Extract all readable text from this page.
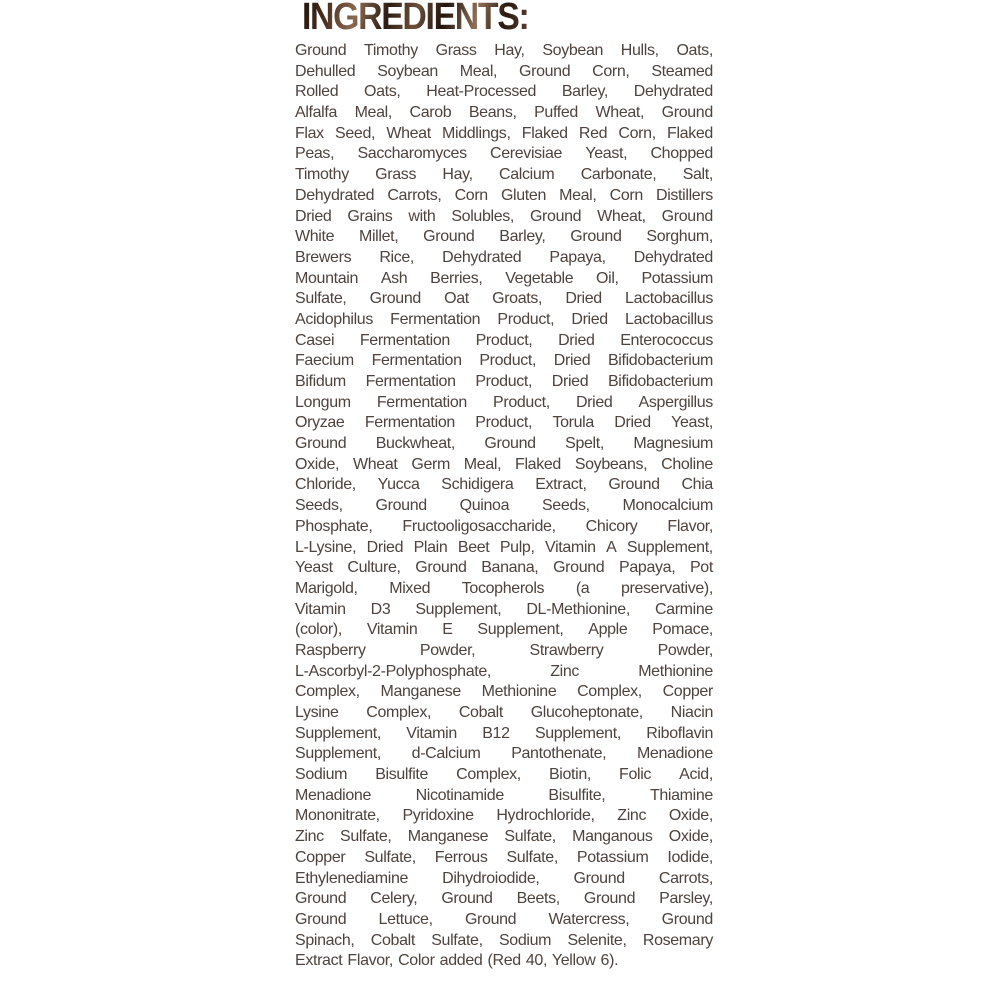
INGREDIENTS:
Ground Timothy Grass Hay, Soybean Hulls, Oats,
Dehulled Soybean Meal, Ground Corn, Steamed
Rolled Oats, Heat-Processed Barley, Dehydrated
Alfalfa Meal, Carob Beans, Puffed Wheat, Ground
Flax Seed, Wheat Middlings, Flaked Red Corn, Flaked
Peas, Saccharomyces Cerevisiae Yeast, Chopped
Timothy Grass Hay, Calcium Carbonate, Salt,
Dehydrated Carrots, Corn Gluten Meal, Corn Distillers
Dried Grains with Solubles, Ground Wheat, Ground
White Millet, Ground Barley, Ground Sorghum,
Brewers Rice, Dehydrated Papaya, Dehydrated
Mountain Ash Berries, Vegetable Oil, Potassium
Sulfate, Ground Oat Groats, Dried Lactobacillus
Acidophilus Fermentation Product, Dried Lactobacillus
Casei Fermentation Product, Dried Enterococcus
Faecium Fermentation Product, Dried Bifidobacterium
Bifidum Fermentation Product, Dried Bifidobacterium
Longum Fermentation Product, Dried Aspergillus
Oryzae Fermentation Product, Torula Dried Yeast,
Ground Buckwheat, Ground Spelt, Magnesium
Oxide, Wheat Germ Meal, Flaked Soybeans, Choline
Chloride, Yucca Schidigera Extract, Ground Chia
Seeds, Ground Quinoa Seeds, Monocalcium
Phosphate, Fructooligosaccharide, Chicory Flavor,
L-Lysine, Dried Plain Beet Pulp, Vitamin A Supplement,
Yeast Culture, Ground Banana, Ground Papaya, Pot
Marigold, Mixed Tocopherols (a preservative),
Vitamin D3 Supplement, DL-Methionine, Carmine
(color), Vitamin E Supplement, Apple Pomace,
Raspberry	Powder,	Strawberry	Powder,
L-Ascorbyl-2-Polyphosphate,	Zinc	Methionine
Complex, Manganese Methionine Complex, Copper
Lysine Complex, Cobalt Glucoheptonate, Niacin
Supplement, Vitamin B12 Supplement, Riboflavin
Supplement, d-Calcium Pantothenate, Menadione
Sodium Bisulfite Complex, Biotin, Folic Acid,
Menadione	Nicotinamide	Bisulfite,	Thiamine
Mononitrate, Pyridoxine Hydrochloride, Zinc Oxide,
Zinc Sulfate, Manganese Sulfate, Manganous Oxide,
Copper Sulfate, Ferrous Sulfate, Potassium Iodide,
Ethylenediamine Dihydroiodide, Ground Carrots,
Ground Celery, Ground Beets, Ground Parsley,
Ground Lettuce, Ground Watercress, Ground
Spinach, Cobalt Sulfate, Sodium Selenite, Rosemary
Extract Flavor, Color added (Red 40, Yellow 6).
